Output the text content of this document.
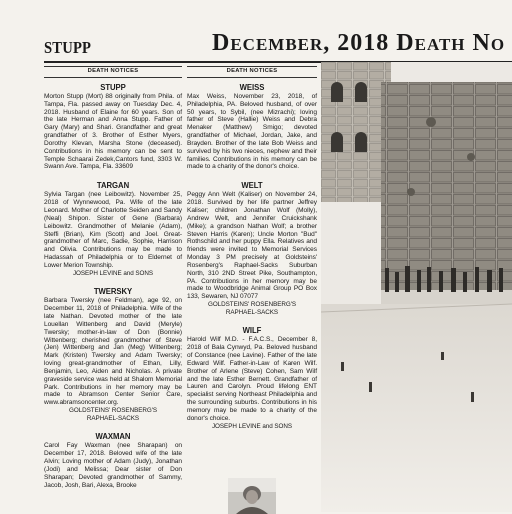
STUPP	December, 2018 Death No
DEATH NOTICES
STUPP

Morton Stupp (Mort) 88 originally from Phila. of Tampa, Fla. passed away on Tuesday Dec. 4, 2018. Husband of Elaine for 60 years. Son of the late Herman and Anna Stupp. Father of Gary (Mary) and Shari. Grandfather and great grandfather of 3. Brother of Esther Myers, Dorothy Klevan, Marsha Stone (deceased). Contributions in his memory can be sent to Temple Schaarai Zedek,Cantors fund, 3303 W. Swann Ave. Tampa, Fla. 33609

TARGAN

Sylvia Targan (nee Leibowitz). November 25, 2018 of Wynnewood, Pa. Wife of the late Leonard. Mother of Charlotte Seiden and Sandy (Neal) Shipon. Sister of Gene (Barbara) Leibowitz. Grandmother of Melanie (Adam), Steffi (Brian), Kim (Scott) and Joel. Great-grandmother of Marc, Sadie, Sophie, Harrison and Olivia. Contributions may be made to Hadassah of Philadelphia or to Eldernet of Lower Merion Township.

JOSEPH LEVINE and SONS
TWERSKY

Barbara Twersky (nee Feldman), age 92, on December 11, 2018 of Philadelphia. Wife of the late Nathan. Devoted mother of the late Louellan Wittenberg and David (Meryle) Twersky; mother-in-law of Don (Bonnie) Wittenberg; cherished grandmother of Steve (Jen) Wittenberg and Jan (Meg) Wittenberg; Mark (Kristen) Twersky and Adam Twersky; loving great-grandmother of Ethan, Lilly, Benjamin, Leo, Aiden and Nicholas. A private graveside service was held at Shalom Memorial Park. Contributions in her memory may be made to Abramson Center Senior Care, www.abramsoncenter.org.

GOLDSTEINS' ROSENBERG'S
RAPHAEL-SACKS
WAXMAN

Carol Fay Waxman (nee Sharapan) on December 17, 2018. Beloved wife of the late Alvin; Loving mother of Adam (Judy), Jonathan (Jodi) and Melissa; Dear sister of Don Sharapan; Devoted grandmother of Sammy, Jacob, Josh, Bari, Alexa, Brooke

DEATH NOTICES
WEISS

Max Weiss, November 23, 2018, of Philadelphia, PA. Beloved husband, of over 50 years, to Sybil, (nee Mizrachi); loving father of Steve (Hallie) Weiss and Debra Menaker (Matthew) Smigo; devoted grandfather of Michael, Jordan, Jake, and Brayden. Brother of the late Bob Weiss and survived by his two nieces, nephew and their families. Contributions in his memory can be made to a charity of the donor's choice.

WELT

Peggy Ann Welt (Kaliser) on November 24, 2018. Survived by her life partner Jeffrey Kaliser; children Jonathan Wolf (Molly), Andrew Welt, and Jennifer Cruickshank (Mike); a grandson Nathan Wolf; a brother Steven Harris (Karen); Uncle Morton "Bud" Rothschild and her puppy Ella. Relatives and friends were invited to Memorial Services Monday 3 PM precisely at Goldsteins' Rosenberg's Raphael-Sacks Suburban North, 310 2ND Street Pike, Southampton, PA. Contributions in her memory may be made to Woodbridge Animal Group PO Box 133, Sewaren, NJ 07077

GOLDSTEINS' ROSENBERG'S
RAPHAEL-SACKS
WILF

Harold Wilf M.D. - F.A.C.S., December 8, 2018 of Bala Cynwyd, Pa. Beloved husband of Constance (nee Lavine). Father of the late Edward Wilf. Father-in-Law of Karen Wilf. Brother of Arlene (Steve) Cohen, Sam Wilf and the late Esther Bernett. Grandfather of Lauren and Carolyn. Proud lifelong ENT specialist serving Northeast Philadelphia and the surrounding suburbs. Contributions in his memory may be made to a charity of the donor's choice.

JOSEPH LEVINE and SONS
